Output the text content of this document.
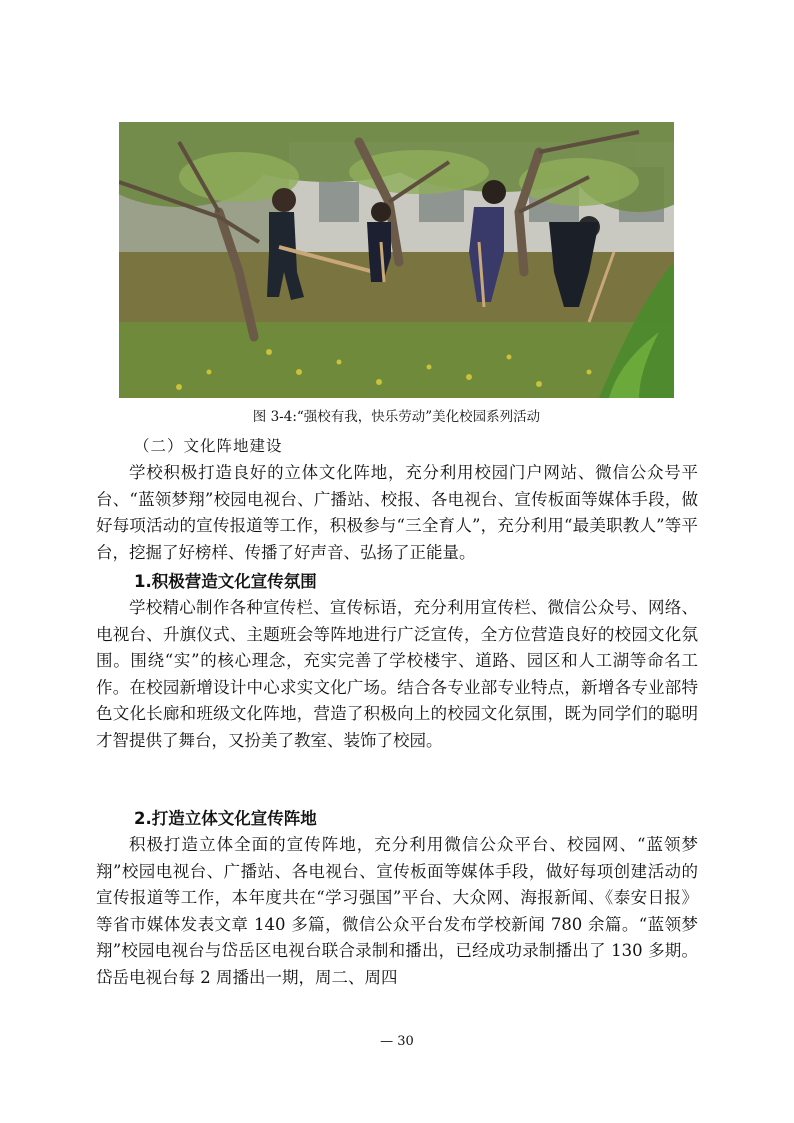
图 3-4:“强校有我，快乐劳动”美化校园系列活动
（二）文化阵地建设

学校积极打造良好的立体文化阵地，充分利用校园门户网站、微信公众号平台、“蓝领梦翔”校园电视台、广播站、校报、各电视台、宣传板面等媒体手段，做好每项活动的宣传报道等工作，积极参与“三全育人”，充分利用“最美职教人”等平台，挖掘了好榜样、传播了好声音、弘扬了正能量。

1.积极营造文化宣传氛围

学校精心制作各种宣传栏、宣传标语，充分利用宣传栏、微信公众号、网络、电视台、升旗仪式、主题班会等阵地进行广泛宣传，全方位营造良好的校园文化氛围。围绕“实”的核心理念，充实完善了学校楼宇、道路、园区和人工湖等命名工作。在校园新增设计中心求实文化广场。结合各专业部专业特点，新增各专业部特色文化长廊和班级文化阵地，营造了积极向上的校园文化氛围，既为同学们的聪明才智提供了舞台，又扮美了教室、装饰了校园。

2.打造立体文化宣传阵地

积极打造立体全面的宣传阵地，充分利用微信公众平台、校园网、“蓝领梦翔”校园电视台、广播站、各电视台、宣传板面等媒体手段，做好每项创建活动的宣传报道等工作，本年度共在“学习强国”平台、大众网、海报新闻、《泰安日报》等省市媒体发表文章 140 多篇，微信公众平台发布学校新闻 780 余篇。“蓝领梦翔”校园电视台与岱岳区电视台联合录制和播出，已经成功录制播出了 130 多期。岱岳电视台每 2 周播出一期，周二、周四

— 30
